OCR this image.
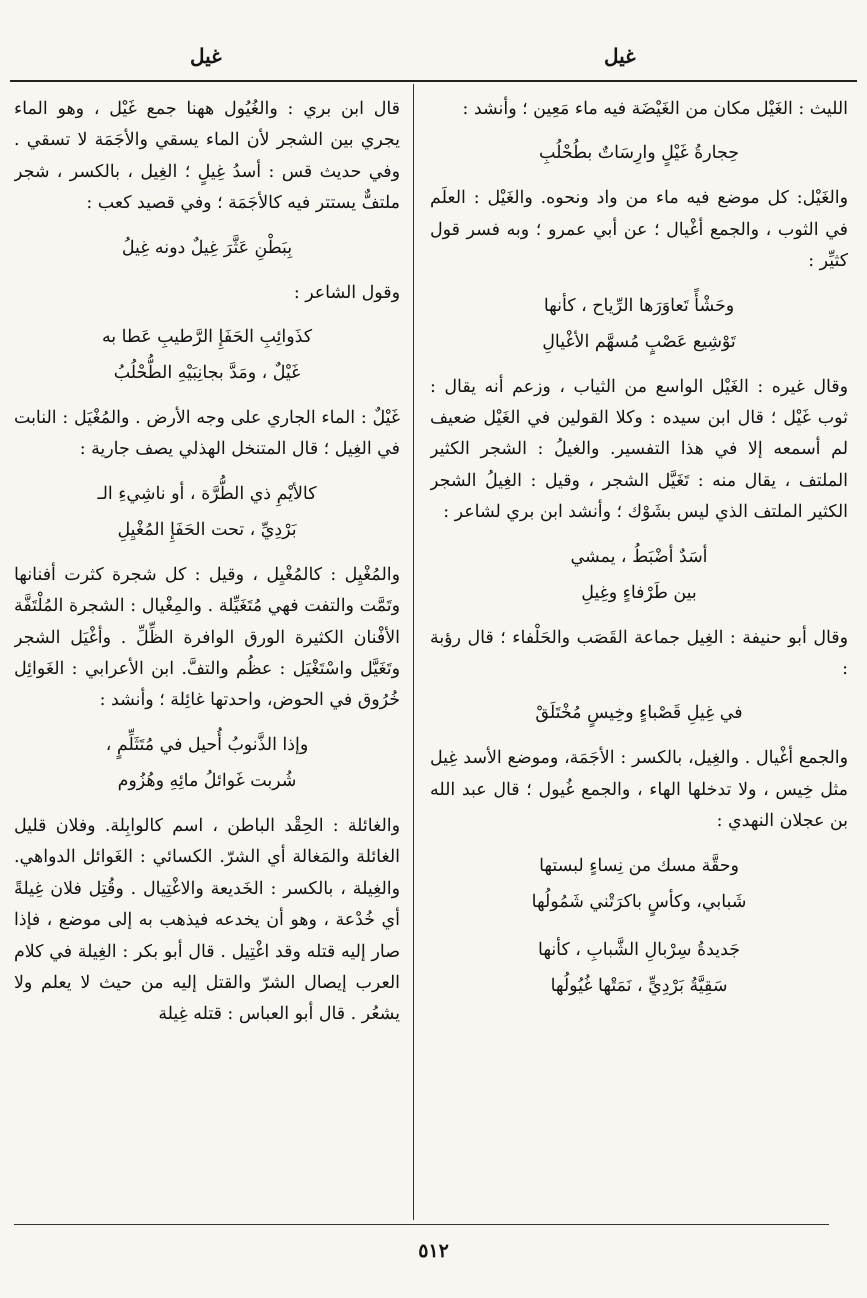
غيل
غيل

الليث : الغَيْل مكان من الغَيْضَة فيه ماء مَعِين ؛ وأنشد :

حِجارةُ غَيْلٍ وارِسَاتٌ بطُحْلُبِ

والغَيْل: كل موضع فيه ماء من واد ونحوه. والغَيْل : العلَم في الثوب ، والجمع أغْيال ؛ عن أبي عمرو ؛ وبه فسر قول كثيِّر :

وحَشْأً تَعاوَرَها الرِّياح ، كأنها
تَوْشِيع عَصْبٍ مُسهَّم الأغْيالِ

وقال غيره : الغَيْل الواسع من الثياب ، وزعم أنه يقال : ثوب غَيْل ؛ قال ابن سيده : وكلا القولين في الغَيْل ضعيف لم أسمعه إلا في هذا التفسير. والغيلُ : الشجر الكثير الملتف ، يقال منه : تَغَيَّل الشجر ، وقيل : الغِيلُ الشجر الكثير الملتف الذي ليس بشَوْك ؛ وأنشد ابن بري لشاعر :

أسَدٌ أضْبَطُ ، يمشي
بين طَرْفاءٍ وغِيلِ

وقال أبو حنيفة : الغِيل جماعة القَصَب والحَلْفاء ؛ قال رؤبة :

في غِيلِ قَصْباءٍ وخِيسٍ مُخْتَلَقْ

والجمع أغْيال . والغِيل، بالكسر : الأجَمَة، وموضع الأسد غِيل مثل خِيس ، ولا تدخلها الهاء ، والجمع غُيول ؛ قال عبد الله بن عجلان النهدي :

وحقَّة مسك من نِساءٍ لبستها
شَبابي، وكأسٍ باكرَتْني شَمُولُها
جَديدةُ سِرْبالِ الشَّبابِ ، كأنها
سَقِيَّةُ بَرْدِيٍّ ، نَمَتْها غُيُولُها

قال ابن بري : والغُيُول ههنا جمع غَيْل ، وهو الماء يجري بين الشجر لأن الماء يسقي والأجَمَة لا تسقي . وفي حديث قس : أسدُ غِيلٍ ؛ الغِيل ، بالكسر ، شجر ملتفٌّ يستتر فيه كالأجَمَة ؛ وفي قصيد كعب :

بِبَطْنِ عَثَّرَ غِيلٌ دونه غِيلُ

وقول الشاعر :

كذَوائِبِ الحَفَإِ الرَّطيبِ عَطا به
غَيْلٌ ، ومَدَّ بجانِبَيْهِ الطُّحْلُبُ

غَيْلٌ : الماء الجاري على وجه الأرض . والمُغْيَل : النابت في الغِيل ؛ قال المتنخل الهذلي يصف جارية :

كالأيْمِ ذي الطُّرَّة ، أو ناشِيءِ الـ
بَرْدِيِّ ، تحت الحَفَإِ المُغْيِلِ

والمُغْيِل : كالمُغْيِل ، وقيل : كل شجرة كثرت أفنانها وتَمَّت والتفت فهي مُتَغَيِّلة . والمِغْيال : الشجرة المُلْتَفَّة الأفْنان الكثيرة الورق الوافرة الظِّلِّ . وأغْيَل الشجر وتَغَيَّل واسْتَغْيَل : عظُم والتفَّ. ابن الأعرابي : الغَوائِل خُرُوق في الحوض، واحدتها غائِلة ؛ وأنشد :

وإذا الذَّنوبُ أُحيل في مُتَثَلِّمٍ ،
شُربت غَوائلُ مائِهِ وهُزُوم

والغائلة : الحِقْد الباطن ، اسم كالوابِلة. وفلان قليل الغائلة والمَغالة أي الشرّ. الكسائي : الغَوائل الدواهي. والغِيلة ، بالكسر : الخَديعة والاغْتِيال . وقُتِل فلان غِيلةً أي خُدْعة ، وهو أن يخدعه فيذهب به إلى موضع ، فإذا صار إليه قتله وقد اغْتِيل . قال أبو بكر : الغِيلة في كلام العرب إيصال الشرّ والقتل إليه من حيث لا يعلم ولا يشعُر . قال أبو العباس : قتله غِيلة

٥١٢
